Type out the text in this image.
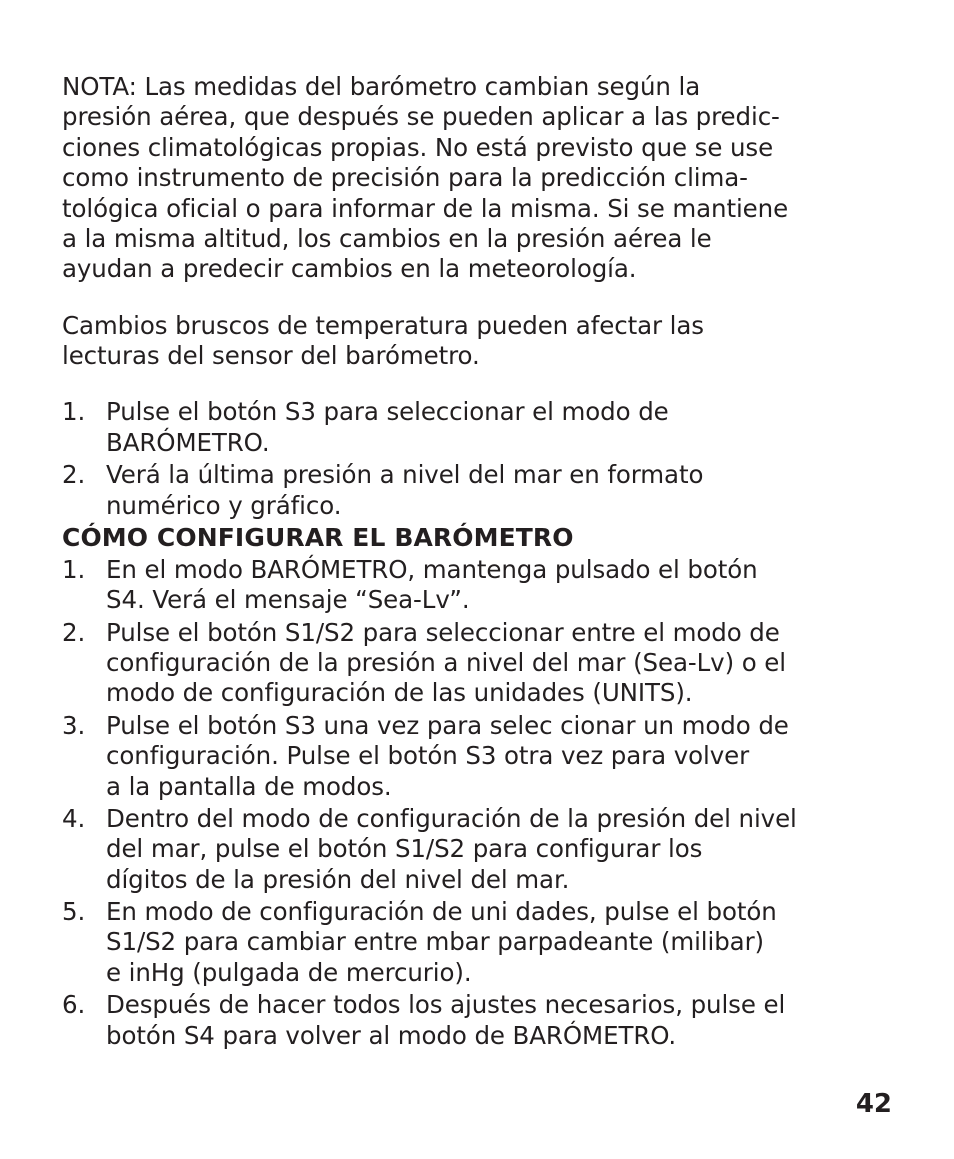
NOTA: Las medidas del barómetro cambian según la
presión aérea, que después se pueden aplicar a las predic-
ciones climatológicas propias. No está previsto que se use
como instrumento de precisión para la predicción clima-
tológica oficial o para informar de la misma. Si se mantiene
a la misma altitud, los cambios en la presión aérea le
ayudan a predecir cambios en la meteorología.

Cambios bruscos de temperatura pueden afectar las
lecturas del sensor del barómetro.

1. Pulse el botón S3 para seleccionar el modo de
BARÓMETRO.
2. Verá la última presión a nivel del mar en formato
numérico y gráfico.
CÓMO CONFIGURAR EL BARÓMETRO
1. En el modo BARÓMETRO, mantenga pulsado el botón
S4. Verá el mensaje “Sea-Lv”.
2. Pulse el botón S1/S2 para seleccionar entre el modo de
configuración de la presión a nivel del mar (Sea-Lv) o el
modo de configuración de las unidades (UNITS).
3. Pulse el botón S3 una vez para selec cionar un modo de
configuración. Pulse el botón S3 otra vez para volver
a la pantalla de modos.
4. Dentro del modo de configuración de la presión del nivel
del mar, pulse el botón S1/S2 para configurar los
dígitos de la presión del nivel del mar.
5. En modo de configuración de uni dades, pulse el botón
S1/S2 para cambiar entre mbar parpadeante (milibar)
e inHg (pulgada de mercurio).
6. Después de hacer todos los ajustes necesarios, pulse el
botón S4 para volver al modo de BARÓMETRO.
42
